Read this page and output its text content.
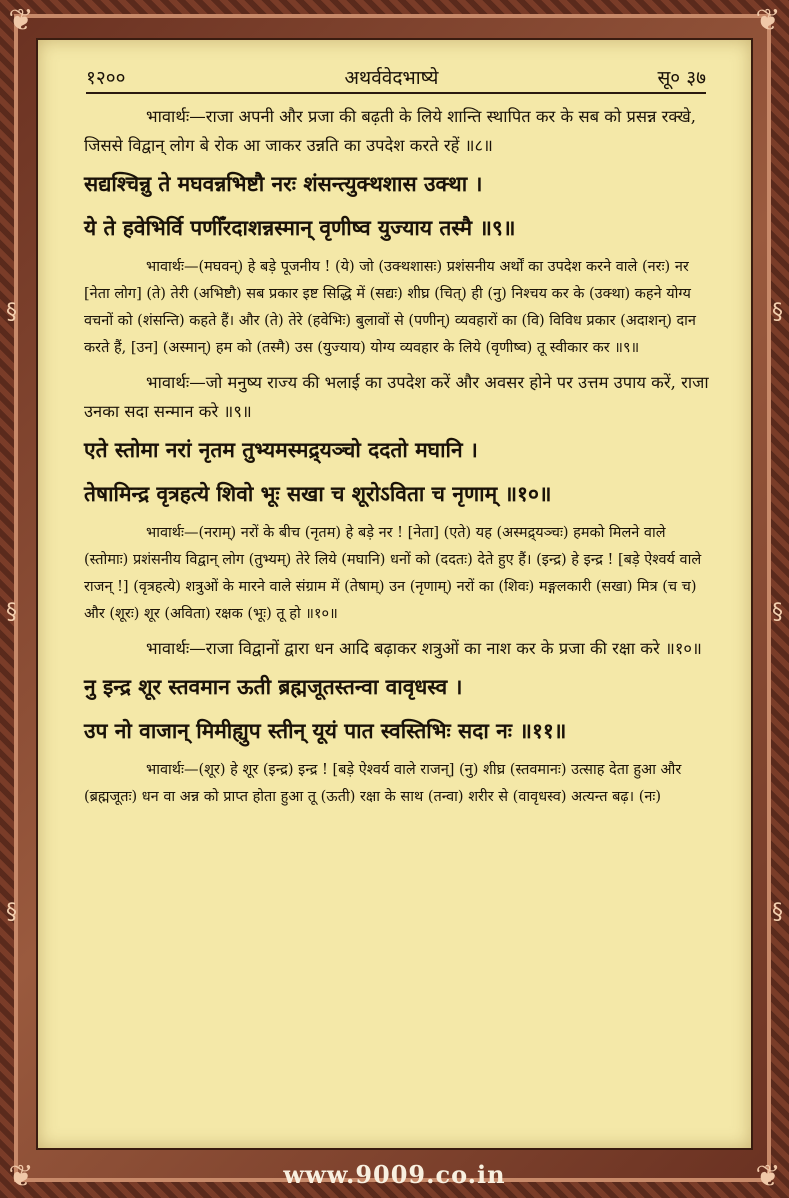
❦	❦
❦	❦
§
§
§
§
§
§
१२००	अथर्ववेदभाष्ये	सू० ३७

भावार्थः—राजा अपनी और प्रजा की बढ़ती के लिये शान्ति स्थापित कर के सब को प्रसन्न रक्खे, जिससे विद्वान् लोग बे रोक आ जाकर उन्नति का उपदेश करते रहें ॥८॥

सद्यश्चिन्नु ते मघवन्नभिष्टौ नरः शंसन्त्युक्थशास उक्था ।
ये ते हवेभिर्वि पणीँरदाशन्नस्मान् वृणीष्व युज्याय तस्मै ॥९॥

भावार्थः—(मघवन्) हे बड़े पूजनीय ! (ये) जो (उक्थशासः) प्रशंसनीय अर्थों का उपदेश करने वाले (नरः) नर [नेता लोग] (ते) तेरी (अभिष्टौ) सब प्रकार इष्ट सिद्धि में (सद्यः) शीघ्र (चित्) ही (नु) निश्चय कर के (उक्था) कहने योग्य वचनों को (शंसन्ति) कहते हैं। और (ते) तेरे (हवेभिः) बुलावों से (पणीन्) व्यवहारों का (वि) विविध प्रकार (अदाशन्) दान करते हैं, [उन] (अस्मान्) हम को (तस्मै) उस (युज्याय) योग्य व्यवहार के लिये (वृणीष्व) तू स्वीकार कर ॥९॥

भावार्थः—जो मनुष्य राज्य की भलाई का उपदेश करें और अवसर होने पर उत्तम उपाय करें, राजा उनका सदा सन्मान करे ॥९॥

एते स्तोमा नरां नृतम तुभ्यमस्मद्र्यञ्चो ददतो मघानि ।
तेषामिन्द्र वृत्रहत्ये शिवो भूः सखा च शूरोऽविता च नृणाम् ॥१०॥

भावार्थः—(नराम्) नरों के बीच (नृतम) हे बड़े नर ! [नेता] (एते) यह (अस्मद्र्यञ्चः) हमको मिलने वाले (स्तोमाः) प्रशंसनीय विद्वान् लोग (तुभ्यम्) तेरे लिये (मघानि) धनों को (ददतः) देते हुए हैं। (इन्द्र) हे इन्द्र ! [बड़े ऐश्वर्य वाले राजन् !] (वृत्रहत्ये) शत्रुओं के मारने वाले संग्राम में (तेषाम्) उन (नृणाम्) नरों का (शिवः) मङ्गलकारी (सखा) मित्र (च च) और (शूरः) शूर (अविता) रक्षक (भूः) तू हो ॥१०॥

भावार्थः—राजा विद्वानों द्वारा धन आदि बढ़ाकर शत्रुओं का नाश कर के प्रजा की रक्षा करे ॥१०॥

नु इन्द्र शूर स्तवमान ऊती ब्रह्मजूतस्तन्वा वावृधस्व ।
उप नो वाजान् मिमीह्युप स्तीन् यूयं पात स्वस्तिभिः सदा नः ॥११॥

भावार्थः—(शूर) हे शूर (इन्द्र) इन्द्र ! [बड़े ऐश्वर्य वाले राजन्] (नु) शीघ्र (स्तवमानः) उत्साह देता हुआ और (ब्रह्मजूतः) धन वा अन्न को प्राप्त होता हुआ तू (ऊती) रक्षा के साथ (तन्वा) शरीर से (वावृधस्व) अत्यन्त बढ़। (नः)

www.9009.co.in
